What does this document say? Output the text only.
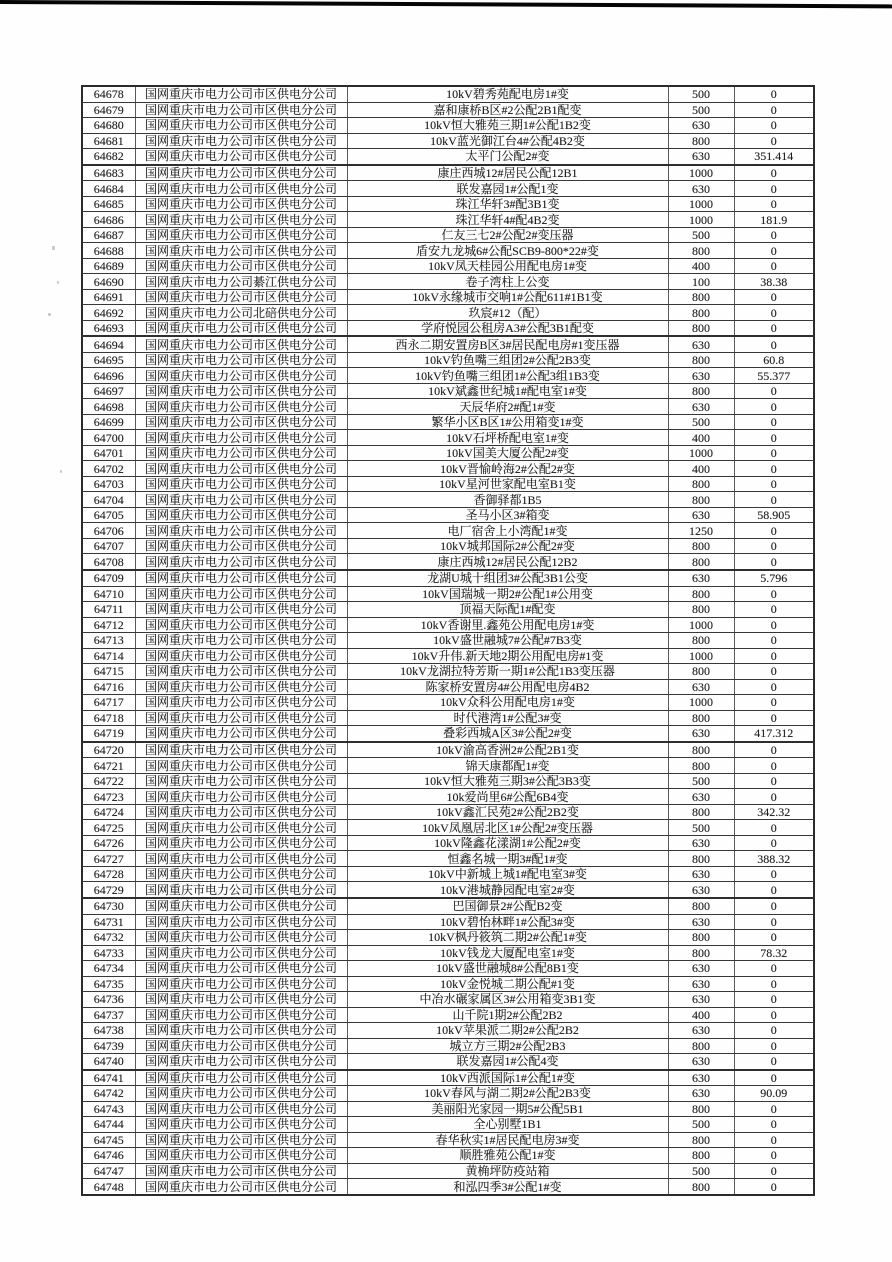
64678	国网重庆市电力公司市区供电分公司	10kV碧秀苑配电房1#变	500	0
64679	国网重庆市电力公司市区供电分公司	嘉和康桥B区#2公配2B1配变	500	0
64680	国网重庆市电力公司市区供电分公司	10kV恒大雅苑三期1#公配1B2变	630	0
64681	国网重庆市电力公司市区供电分公司	10kV蓝光御江台4#公配4B2变	800	0
64682	国网重庆市电力公司市区供电分公司	太平门公配2#变	630	351.414
64683	国网重庆市电力公司市区供电分公司	康庄西城12#居民公配12B1	1000	0
64684	国网重庆市电力公司市区供电分公司	联发嘉园1#公配1变	630	0
64685	国网重庆市电力公司市区供电分公司	珠江华轩3#配3B1变	1000	0
64686	国网重庆市电力公司市区供电分公司	珠江华轩4#配4B2变	1000	181.9
64687	国网重庆市电力公司市区供电分公司	仁友三七2#公配2#变压器	500	0
64688	国网重庆市电力公司市区供电分公司	盾安九龙城6#公配SCB9-800*22#变	800	0
64689	国网重庆市电力公司市区供电分公司	10kV凤天桂园公用配电房1#变	400	0
64690	国网重庆市电力公司綦江供电分公司	卷子湾柱上公变	100	38.38
64691	国网重庆市电力公司市区供电分公司	10kV永缘城市交响1#公配611#1B1变	800	0
64692	国网重庆市电力公司北碚供电分公司	玖宸#12（配）	800	0
64693	国网重庆市电力公司市区供电分公司	学府悦园公租房A3#公配3B1配变	800	0
64694	国网重庆市电力公司市区供电分公司	西永二期安置房B区3#居民配电房#1变压器	630	0
64695	国网重庆市电力公司市区供电分公司	10kV钓鱼嘴三组团2#公配2B3变	800	60.8
64696	国网重庆市电力公司市区供电分公司	10kV钓鱼嘴三组团1#公配3组1B3变	630	55.377
64697	国网重庆市电力公司市区供电分公司	10kV斌鑫世纪城1#配电室1#变	800	0
64698	国网重庆市电力公司市区供电分公司	天辰华府2#配1#变	630	0
64699	国网重庆市电力公司市区供电分公司	繁华小区B区1#公用箱变1#变	500	0
64700	国网重庆市电力公司市区供电分公司	10kV石坪桥配电室1#变	400	0
64701	国网重庆市电力公司市区供电分公司	10kV国美大厦公配2#变	1000	0
64702	国网重庆市电力公司市区供电分公司	10kV晋愉岭海2#公配2#变	400	0
64703	国网重庆市电力公司市区供电分公司	10kV星河世家配电室B1变	800	0
64704	国网重庆市电力公司市区供电分公司	香御驿都1B5	800	0
64705	国网重庆市电力公司市区供电分公司	圣马小区3#箱变	630	58.905
64706	国网重庆市电力公司市区供电分公司	电厂宿舍上小湾配1#变	1250	0
64707	国网重庆市电力公司市区供电分公司	10kV城邦国际2#公配2#变	800	0
64708	国网重庆市电力公司市区供电分公司	康庄西城12#居民公配12B2	800	0
64709	国网重庆市电力公司市区供电分公司	龙湖U城十组团3#公配3B1公变	630	5.796
64710	国网重庆市电力公司市区供电分公司	10kV国瑞城一期2#公配1#公用变	800	0
64711	国网重庆市电力公司市区供电分公司	顶福天际配1#配变	800	0
64712	国网重庆市电力公司市区供电分公司	10kV香谢里.鑫苑公用配电房1#变	1000	0
64713	国网重庆市电力公司市区供电分公司	10kV盛世融城7#公配#7B3变	800	0
64714	国网重庆市电力公司市区供电分公司	10kV升伟.新天地2期公用配电房#1变	1000	0
64715	国网重庆市电力公司市区供电分公司	10kV龙湖拉特芳斯一期1#公配1B3变压器	800	0
64716	国网重庆市电力公司市区供电分公司	陈家桥安置房4#公用配电房4B2	630	0
64717	国网重庆市电力公司市区供电分公司	10kV众科公用配电房1#变	1000	0
64718	国网重庆市电力公司市区供电分公司	时代港湾1#公配3#变	800	0
64719	国网重庆市电力公司市区供电分公司	叠彩西城A区3#公配2#变	630	417.312
64720	国网重庆市电力公司市区供电分公司	10kV渝高香洲2#公配2B1变	800	0
64721	国网重庆市电力公司市区供电分公司	锦天康都配1#变	800	0
64722	国网重庆市电力公司市区供电分公司	10kV恒大雅苑三期3#公配3B3变	500	0
64723	国网重庆市电力公司市区供电分公司	10k爱尚里6#公配6B4变	630	0
64724	国网重庆市电力公司市区供电分公司	10kV鑫汇民苑2#公配2B2变	800	342.32
64725	国网重庆市电力公司市区供电分公司	10kV凤凰居北区1#公配2#变压器	500	0
64726	国网重庆市电力公司市区供电分公司	10kV隆鑫花漾湖1#公配2#变	630	0
64727	国网重庆市电力公司市区供电分公司	恒鑫名城一期3#配1#变	800	388.32
64728	国网重庆市电力公司市区供电分公司	10kV中新城上城1#配电室3#变	630	0
64729	国网重庆市电力公司市区供电分公司	10kV港城静园配电室2#变	630	0
64730	国网重庆市电力公司市区供电分公司	巴国御景2#公配B2变	800	0
64731	国网重庆市电力公司市区供电分公司	10kV碧怡林畔1#公配3#变	630	0
64732	国网重庆市电力公司市区供电分公司	10kV枫丹筱筑二期2#公配1#变	800	0
64733	国网重庆市电力公司市区供电分公司	10kV钱龙大厦配电室1#变	800	78.32
64734	国网重庆市电力公司市区供电分公司	10kV盛世融城8#公配8B1变	630	0
64735	国网重庆市电力公司市区供电分公司	10kV金悦城二期公配#1变	630	0
64736	国网重庆市电力公司市区供电分公司	中冶水碾家属区3#公用箱变3B1变	630	0
64737	国网重庆市电力公司市区供电分公司	山千院1期2#公配2B2	400	0
64738	国网重庆市电力公司市区供电分公司	10kV苹果派二期2#公配2B2	630	0
64739	国网重庆市电力公司市区供电分公司	城立方三期2#公配2B3	800	0
64740	国网重庆市电力公司市区供电分公司	联发嘉园1#公配4变	630	0
64741	国网重庆市电力公司市区供电分公司	10kV西派国际1#公配1#变	630	0
64742	国网重庆市电力公司市区供电分公司	10kV春风与湖二期2#公配2B3变	630	90.09
64743	国网重庆市电力公司市区供电分公司	美丽阳光家园一期5#公配5B1	800	0
64744	国网重庆市电力公司市区供电分公司	全心别墅1B1	500	0
64745	国网重庆市电力公司市区供电分公司	春华秋实1#居民配电房3#变	800	0
64746	国网重庆市电力公司市区供电分公司	顺胜雅苑公配1#变	800	0
64747	国网重庆市电力公司市区供电分公司	黄桷坪防疫站箱	500	0
64748	国网重庆市电力公司市区供电分公司	和泓四季3#公配1#变	800	0
